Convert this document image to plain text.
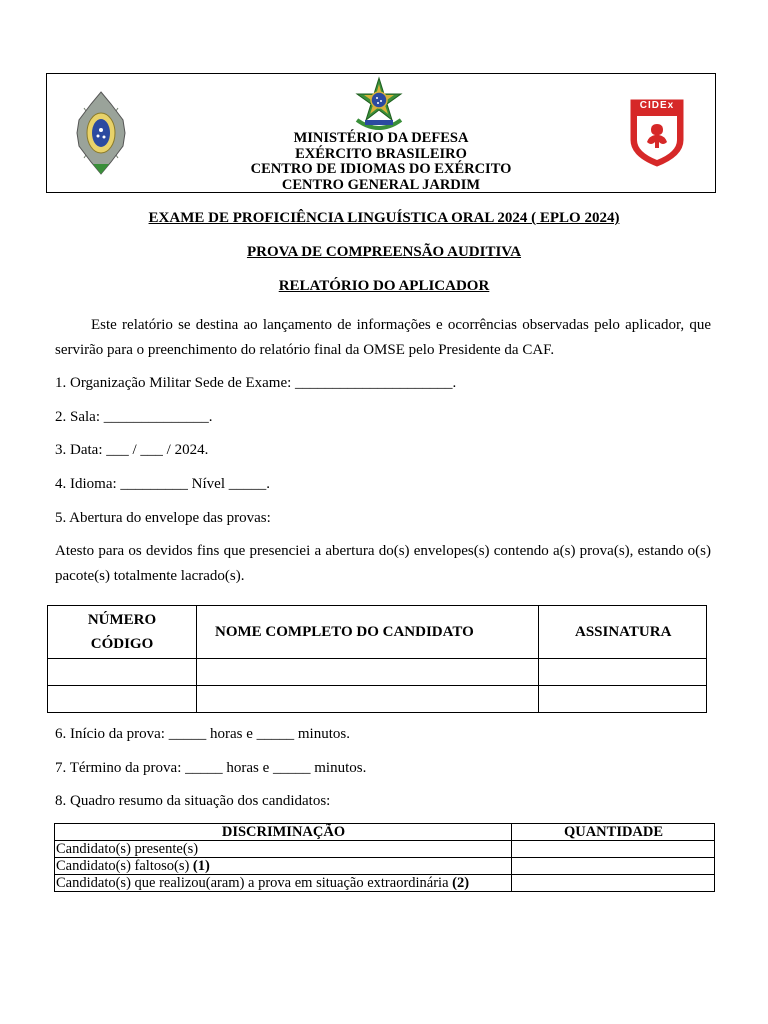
CIDEx
MINISTÉRIO DA DEFESA
EXÉRCITO BRASILEIRO
CENTRO DE IDIOMAS DO EXÉRCITO
CENTRO GENERAL JARDIM
EXAME DE PROFICIÊNCIA LINGUÍSTICA ORAL 2024 ( EPLO 2024)
PROVA DE COMPREENSÃO AUDITIVA
RELATÓRIO DO APLICADOR
Este relatório se destina ao lançamento de informações e ocorrências observadas pelo aplicador, que servirão para o preenchimento do relatório final da OMSE pelo Presidente da CAF.
1. Organização Militar Sede de Exame: _____________________.
2. Sala: ______________.
3. Data: ___ / ___ / 2024.
4. Idioma: _________ Nível _____.
5. Abertura do envelope das provas:
Atesto para os devidos fins que presenciei a abertura do(s) envelopes(s) contendo a(s) prova(s), estando o(s) pacote(s) totalmente lacrado(s).
NÚMERO
CÓDIGO	NOME COMPLETO DO CANDIDATO	ASSINATURA

6. Início da prova: _____ horas e _____ minutos.
7. Término da prova: _____ horas e _____ minutos.
8. Quadro resumo da situação dos candidatos:
DISCRIMINAÇÃO	QUANTIDADE
Candidato(s) presente(s)	
Candidato(s) faltoso(s) (1)	
Candidato(s) que realizou(aram) a prova em situação extraordinária (2)	
